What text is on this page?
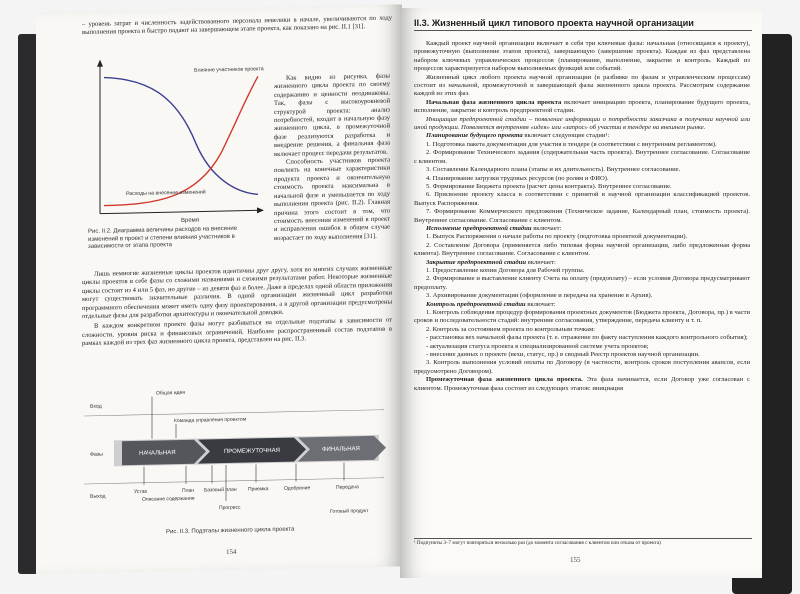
– уровень затрат и численность задействованного персонала невелики в начале, увеличиваются по ходу выполнения проекта и быстро падают на завершающем этапе проекта, как показано на рис. II.1 [31].

Влияние участников проекта
Расходы на внесение изменений
Время
Рис. II.2. Диаграмма величины расходов на внесение изменений в проект и степени влияния участников в зависимости от этапа проекта

Как видно из рисунка, фазы жизненного цикла проекта по своему содержанию и ценности неодинаковы. Так, фазы с высокоуровневой структурой проекта: анализ потребностей, входит в начальную фазу жизненного цикла, в промежуточной фазе реализуются разработка и внедрение решения, а финальная фаза включает процесс передачи результатов.

Способность участников проекта повлиять на конечные характеристики продукта проекта и окончательную стоимость проекта максимальна в начальной фазе и уменьшается по ходу выполнения проекта (рис. II.2). Главная причина этого состоит в том, что стоимость внесения изменений в проект и исправления ошибок в общем случае возрастает по ходу выполнения [31].

Лишь немногие жизненные циклы проектов идентичны друг другу, хотя во многих случаях жизненные циклы проектов в себе фазы со схожими названиями и схожими результатами работ. Некоторые жизненные циклы состоят из 4 или 5 фаз, но другие – из девяти фаз и более. Даже в пределах одной области приложения могут существовать значительные различия. В одной организации жизненный цикл разработки программного обеспечения может иметь одну фазу проектирования, а в другой организации предусмотрены отдельные фазы для разработки архитектуры и окончательной доводки.

В каждом конкретном проекте фазы могут разбиваться на отдельные подэтапы в зависимости от сложности, уровня риска и финансовых ограничений. Наиболее распространенный состав подэтапов в рамках каждой из трех фаз жизненного цикла проекта, представлен на рис. II.3.

Вход
Фазы
Выход
НАЧАЛЬНАЯ	ПРОМЕЖУТОЧНАЯ	ФИНАЛЬНАЯ
Общая идея
Команда управления проектом
Устав	План Базовый план
Прогресс
Приемка	Одобрение	Передача
Готовый продукт
Описание содержания
Рис. II.3. Подэтапы жизненного цикла проекта
154
II.3. Жизненный цикл типового проекта научной организации

Каждый проект научной организации включает в себя три ключевые фазы: начальная (относящаяся к проекту), промежуточную (выполнение этапов проекта), завершающую (завершение проекта). Каждая из фаз представлена набором ключевых управленческих процессов (планирование, выполнение, закрытие и контроль. Каждый из процессов характеризуется набором выполняемых функций или событий.

Жизненный цикл любого проекта научной организации (в разбивке по фазам и управленческим процессам) состоит из начальной, промежуточной и завершающей фазы жизненного цикла проекта. Рассмотрим содержание каждой из этих фаз.

Начальная фаза жизненного цикла проекта включает инициацию проекта, планирование будущего проекта, исполнение, закрытие и контроль предпроектной стадии.

Инициация предпроектной стадии – появление информации о потребности заказчика в получении научной или иной продукции. Появляется внутренняя «идея» или «запрос» об участии в тендере на внешнем рынке.

Планирование будущего проекта включает следующие стадии¹:

1. Подготовка пакета документации для участия в тендере (в соответствии с внутренним регламентом).

2. Формирование Технического задания (содержательная часть проекта). Внутреннее согласование. Согласование с клиентом.

3. Составление Календарного плана (этапы и их длительность). Внутреннее согласование.

4. Планирование загрузки трудовых ресурсов (по ролям и ФИО).

5. Формирование Бюджета проекта (расчет цены контракта). Внутреннее согласование.

6. Присвоение проекту класса в соответствии с принятой в научной организации классификацией проектов. Выпуск Распоряжения.

7. Формирование Коммерческого предложения (Техническое задание, Календарный план, стоимость проекта). Внутреннее согласование. Согласование с клиентом.

Исполнение предпроектной стадии включает:

1. Выпуск Распоряжения о начале работы по проекту (подготовка проектной документации).

2. Составление Договора (применяется либо типовая форма научной организации, либо предложенная форма клиента). Внутреннее согласование. Согласование с клиентом.

Закрытие предпроектной стадии включает:

1. Предоставление копии Договора для Рабочей группы.

2. Формирование и выставление клиенту Счета на оплату (предоплату) – если условия Договора предусматривают предоплату.

3. Архивирование документации (оформление и передача на хранение в Архив).

Контроль предпроектной стадии включает:

1. Контроль соблюдения процедур формирования проектных документов (Бюджета проекта, Договора, пр.) в части сроков и последовательности стадий: внутренние согласования, утверждение, передача клиенту и т. п.

2. Контроль за состоянием проекта по контрольным точкам:

- расстановка вех начальной фазы проекта (т. е. отражение по факту наступления каждого контрольного события);

- актуализация статуса проекта в специализированной системе учета проектов;

- внесение данных о проекте (вехи, статус, пр.) в сводный Реестр проектов научной организации.

3. Контроль выполнения условий оплаты по Договору (в частности, контроль сроков поступления авансов, если предусмотрено Договором).

Промежуточная фаза жизненного цикла проекта. Эта фаза начинается, если Договор уже согласован с клиентом. Промежуточная фаза состоит из следующих этапов: инициация

¹ Подпункты 3–7 могут повторяться несколько раз (до момента согласования с клиентом или отказа от проекта)
155
